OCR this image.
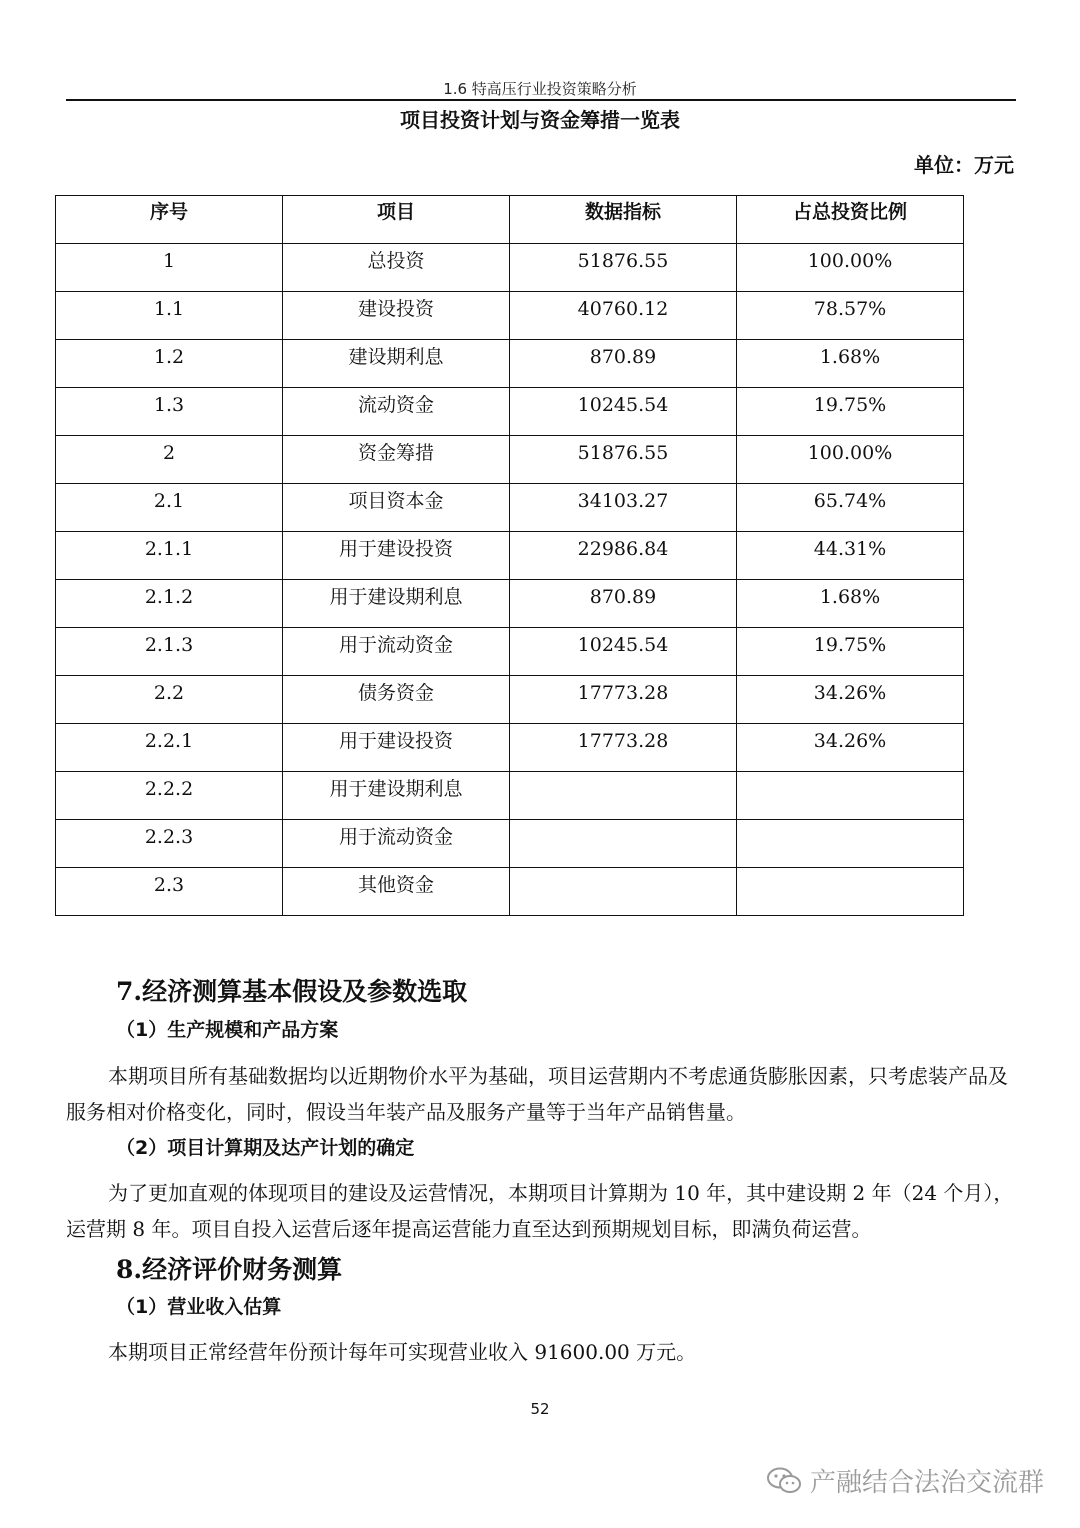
1.6 特高压行业投资策略分析
项目投资计划与资金筹措一览表
单位：万元
序号	项目	数据指标	占总投资比例
1	总投资	51876.55	100.00%
1.1	建设投资	40760.12	78.57%
1.2	建设期利息	870.89	1.68%
1.3	流动资金	10245.54	19.75%
2	资金筹措	51876.55	100.00%
2.1	项目资本金	34103.27	65.74%
2.1.1	用于建设投资	22986.84	44.31%
2.1.2	用于建设期利息	870.89	1.68%
2.1.3	用于流动资金	10245.54	19.75%
2.2	债务资金	17773.28	34.26%
2.2.1	用于建设投资	17773.28	34.26%
2.2.2	用于建设期利息		
2.2.3	用于流动资金		
2.3	其他资金		
7.经济测算基本假设及参数选取
（1）生产规模和产品方案

本期项目所有基础数据均以近期物价水平为基础，项目运营期内不考虑通货膨胀因素，只考虑装产品及服务相对价格变化，同时，假设当年装产品及服务产量等于当年产品销售量。

（2）项目计算期及达产计划的确定

为了更加直观的体现项目的建设及运营情况，本期项目计算期为 10 年，其中建设期 2 年（24 个月），运营期 8 年。项目自投入运营后逐年提高运营能力直至达到预期规划目标，即满负荷运营。

8.经济评价财务测算
（1）营业收入估算

本期项目正常经营年份预计每年可实现营业收入 91600.00 万元。

52
产融结合法治交流群
